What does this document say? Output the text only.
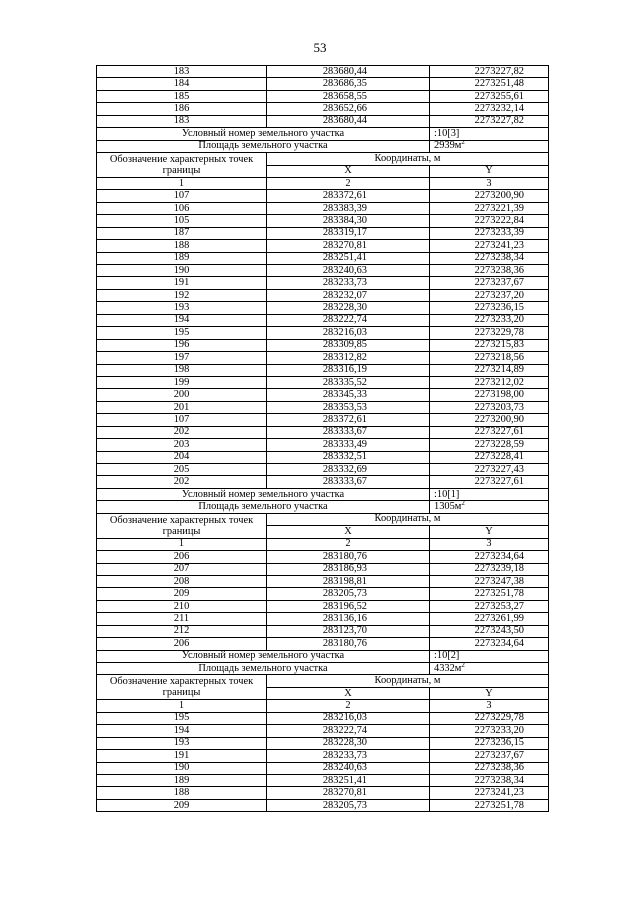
53
183	283680,44	2273227,82
184	283686,35	2273251,48
185	283658,55	2273255,61
186	283652,66	2273232,14
183	283680,44	2273227,82
Условный номер земельного участка		:10[3]
Площадь земельного участка		$2939м^2$
Обозначение характерных точек границы	Координаты, м	
	X	Y
1	2	3
107	283372,61	2273200,90
106	283383,39	2273221,39
105	283384,30	2273222,84
187	283319,17	2273233,39
188	283270,81	2273241,23
189	283251,41	2273238,34
190	283240,63	2273238,36
191	283233,73	2273237,67
192	283232,07	2273237,20
193	283228,30	2273236,15
194	283222,74	2273233,20
195	283216,03	2273229,78
196	283309,85	2273215,83
197	283312,82	2273218,56
198	283316,19	2273214,89
199	283335,52	2273212,02
200	283345,33	2273198,00
201	283353,53	2273203,73
107	283372,61	2273200,90
202	283333,67	2273227,61
203	283333,49	2273228,59
204	283332,51	2273228,41
205	283332,69	2273227,43
202	283333,67	2273227,61
Условный номер земельного участка		:10[1]
Площадь земельного участка		$1305м^2$
Обозначение характерных точек границы	Координаты, м	
	X	Y
1	2	3
206	283180,76	2273234,64
207	283186,93	2273239,18
208	283198,81	2273247,38
209	283205,73	2273251,78
210	283196,52	2273253,27
211	283136,16	2273261,99
212	283123,70	2273243,50
206	283180,76	2273234,64
Условный номер земельного участка		:10[2]
Площадь земельного участка		$4332м^2$
Обозначение характерных точек границы	Координаты, м	
	X	Y
1	2	3
195	283216,03	2273229,78
194	283222,74	2273233,20
193	283228,30	2273236,15
191	283233,73	2273237,67
190	283240,63	2273238,36
189	283251,41	2273238,34
188	283270,81	2273241,23
209	283205,73	2273251,78
